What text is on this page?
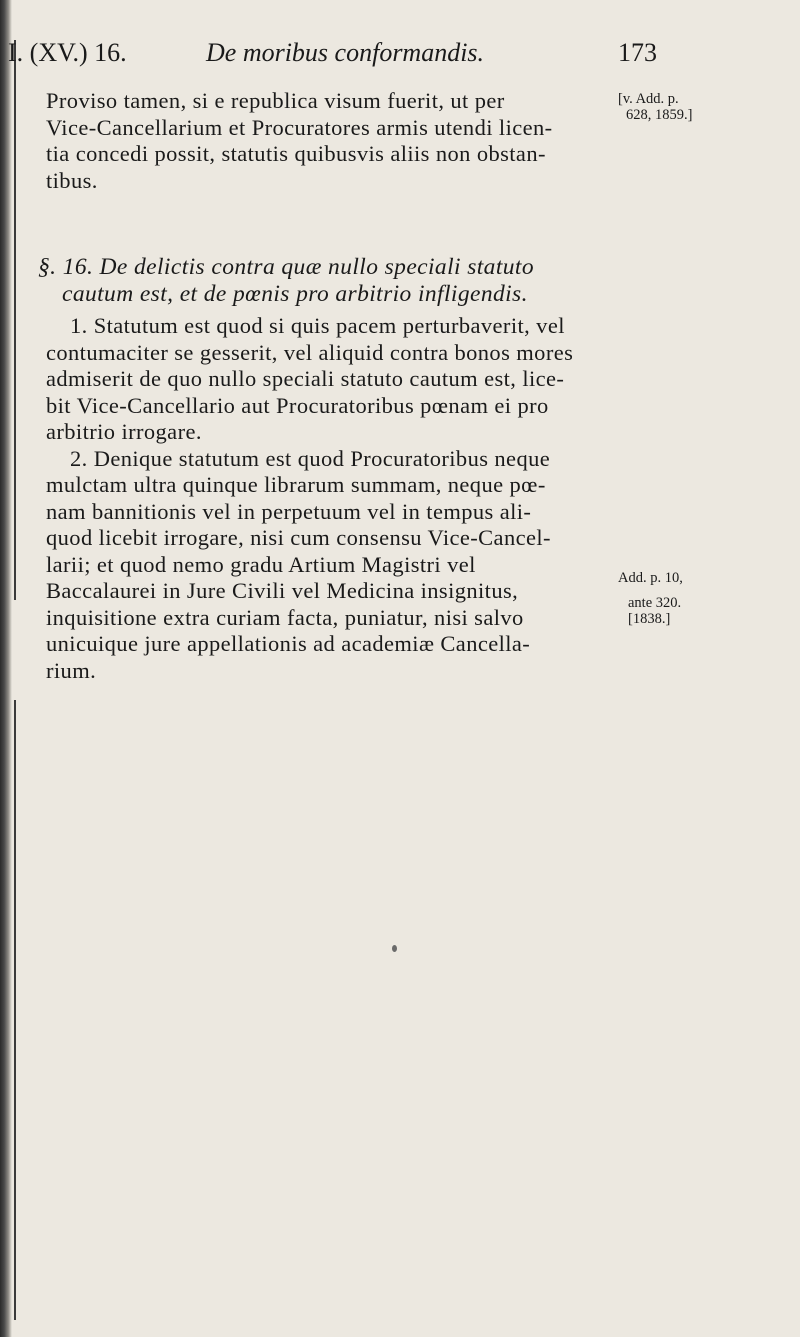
I. (XV.) 16.	De moribus conformandis.	173
Proviso tamen, si e republica visum fuerit, ut per
Vice-Cancellarium et Procuratores armis utendi licen-
tia concedi possit, statutis quibusvis aliis non obstan-
tibus.
§. 16. De delictis contra quæ nullo speciali statuto
cautum est, et de pœnis pro arbitrio infligendis.
1. Statutum est quod si quis pacem perturbaverit, vel
contumaciter se gesserit, vel aliquid contra bonos mores
admiserit de quo nullo speciali statuto cautum est, lice-
bit Vice-Cancellario aut Procuratoribus pœnam ei pro
arbitrio irrogare.
2. Denique statutum est quod Procuratoribus neque
mulctam ultra quinque librarum summam, neque pœ-
nam bannitionis vel in perpetuum vel in tempus ali-
quod licebit irrogare, nisi cum consensu Vice-Cancel-
larii; et quod nemo gradu Artium Magistri vel
Baccalaurei in Jure Civili vel Medicina insignitus,
inquisitione extra curiam facta, puniatur, nisi salvo
unicuique jure appellationis ad academiæ Cancella-
rium.
[v. Add. p.
628, 1859.]
Add. p. 10,
ante 320.
[1838.]
